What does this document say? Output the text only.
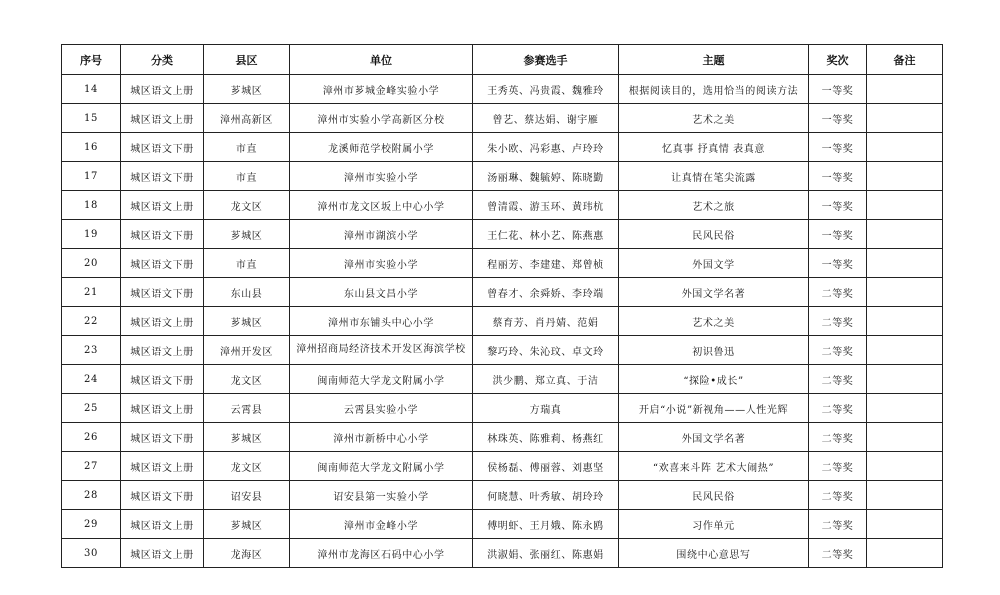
序号	分类	县区	单位	参赛选手	主题	奖次	备注
14	城区语文上册	芗城区	漳州市芗城金峰实验小学	王秀英、冯贵霞、魏雅玲	根据阅读目的，选用恰当的阅读方法	一等奖	
15	城区语文上册	漳州高新区	漳州市实验小学高新区分校	曾艺、蔡达娟、谢宇雁	艺术之美	一等奖	
16	城区语文下册	市直	龙溪师范学校附属小学	朱小欧、冯彩惠、卢玲玲	忆真事 抒真情 表真意	一等奖	
17	城区语文下册	市直	漳州市实验小学	汤丽琳、魏毓婷、陈晓勤	让真情在笔尖流露	一等奖	
18	城区语文上册	龙文区	漳州市龙文区坂上中心小学	曾清霞、游玉环、黄玮杭	艺术之旅	一等奖	
19	城区语文下册	芗城区	漳州市湖滨小学	王仁花、林小艺、陈燕惠	民风民俗	一等奖	
20	城区语文下册	市直	漳州市实验小学	程丽芳、李建建、郑曾桢	外国文学	一等奖	
21	城区语文下册	东山县	东山县文昌小学	曾春才、余舜娇、李玲端	外国文学名著	二等奖	
22	城区语文上册	芗城区	漳州市东铺头中心小学	蔡育芳、肖丹婧、范娟	艺术之美	二等奖	
23	城区语文上册	漳州开发区	漳州招商局经济技术开发区海滨学校	黎巧玲、朱沁玟、卓文玲	初识鲁迅	二等奖	
24	城区语文下册	龙文区	闽南师范大学龙文附属小学	洪少鹏、郑立真、于洁	“探险•成长”	二等奖	
25	城区语文上册	云霄县	云霄县实验小学	方瑞真	开启“小说”新视角——人性光辉	二等奖	
26	城区语文下册	芗城区	漳州市新桥中心小学	林珠英、陈雅莉、杨燕红	外国文学名著	二等奖	
27	城区语文上册	龙文区	闽南师范大学龙文附属小学	侯杨磊、傅丽蓉、刘惠坚	“欢喜来斗阵 艺术大闹热”	二等奖	
28	城区语文下册	诏安县	诏安县第一实验小学	何晓慧、叶秀敏、胡玲玲	民风民俗	二等奖	
29	城区语文上册	芗城区	漳州市金峰小学	傅明虾、王月娥、陈永鸥	习作单元	二等奖	
30	城区语文上册	龙海区	漳州市龙海区石码中心小学	洪淑娟、张丽红、陈惠娟	围绕中心意思写	二等奖	
